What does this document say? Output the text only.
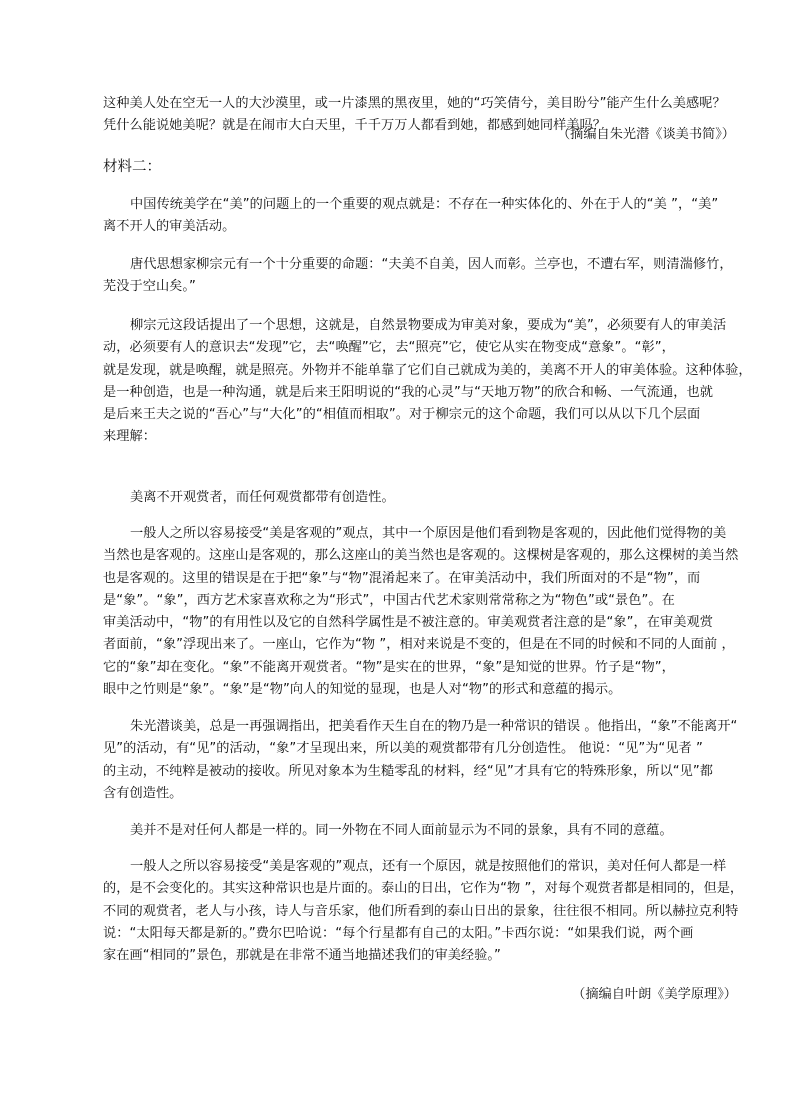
这种美人处在空无一人的大沙漠里，或一片漆黑的黑夜里，她的“巧笑倩兮，美目盼兮”能产生什么美感呢？
凭什么能说她美呢？就是在闹市大白天里，千千万万人都看到她，都感到她同样美吗？
（摘编自朱光潜《谈美书简》）
材料二：
中国传统美学在“美”的问题上的一个重要的观点就是：不存在一种实体化的、外在于人的“美 ”，“美”
离不开人的审美活动。
唐代思想家柳宗元有一个十分重要的命题：“夫美不自美，因人而彰。兰亭也，不遭右军，则清湍修竹，
芜没于空山矣。”
柳宗元这段话提出了一个思想，这就是，自然景物要成为审美对象，要成为“美”，必须要有人的审美活
动，必须要有人的意识去“发现”它，去“唤醒”它，去“照亮”它，使它从实在物变成“意象”。“彰”，
就是发现，就是唤醒，就是照亮。外物并不能单靠了它们自己就成为美的，美离不开人的审美体验。这种体验，
是一种创造，也是一种沟通，就是后来王阳明说的“我的心灵”与“天地万物”的欣合和畅、一气流通，也就
是后来王夫之说的“吾心”与“大化”的“相值而相取”。对于柳宗元的这个命题，我们可以从以下几个层面
来理解：
美离不开观赏者，而任何观赏都带有创造性。
一般人之所以容易接受“美是客观的”观点，其中一个原因是他们看到物是客观的，因此他们觉得物的美
当然也是客观的。这座山是客观的，那么这座山的美当然也是客观的。这棵树是客观的，那么这棵树的美当然
也是客观的。这里的错误是在于把“象”与“物”混淆起来了。在审美活动中，我们所面对的不是“物”，而
是“象”。“象”，西方艺术家喜欢称之为“形式”，中国古代艺术家则常常称之为“物色”或“景色”。在
审美活动中，“物”的有用性以及它的自然科学属性是不被注意的。审美观赏者注意的是“象”，在审美观赏
者面前，“象”浮现出来了。一座山，它作为“物 ”，相对来说是不变的，但是在不同的时候和不同的人面前 ，
它的“象”却在变化。“象”不能离开观赏者。“物”是实在的世界，“象”是知觉的世界。竹子是“物”，
眼中之竹则是“象”。“象”是“物”向人的知觉的显现，也是人对“物”的形式和意蕴的揭示。
朱光潜谈美，总是一再强调指出，把美看作天生自在的物乃是一种常识的错误 。他指出，“象”不能离开“
见”的活动，有“见”的活动，“象”才呈现出来，所以美的观赏都带有几分创造性。 他说：“见”为“见者 ”
的主动，不纯粹是被动的接收。所见对象本为生糙零乱的材料，经“见”才具有它的特殊形象，所以“见”都
含有创造性。
美并不是对任何人都是一样的。同一外物在不同人面前显示为不同的景象，具有不同的意蕴。
一般人之所以容易接受“美是客观的”观点，还有一个原因，就是按照他们的常识，美对任何人都是一样
的，是不会变化的。其实这种常识也是片面的。泰山的日出，它作为“物 ”，对每个观赏者都是相同的，但是，
不同的观赏者，老人与小孩，诗人与音乐家，他们所看到的泰山日出的景象，往往很不相同。所以赫拉克利特
说：“太阳每天都是新的。”费尔巴哈说：“每个行星都有自己的太阳。”卡西尔说：“如果我们说，两个画
家在画“相同的”景色，那就是在非常不通当地描述我们的审美经验。”
（摘编自叶朗《美学原理》）
